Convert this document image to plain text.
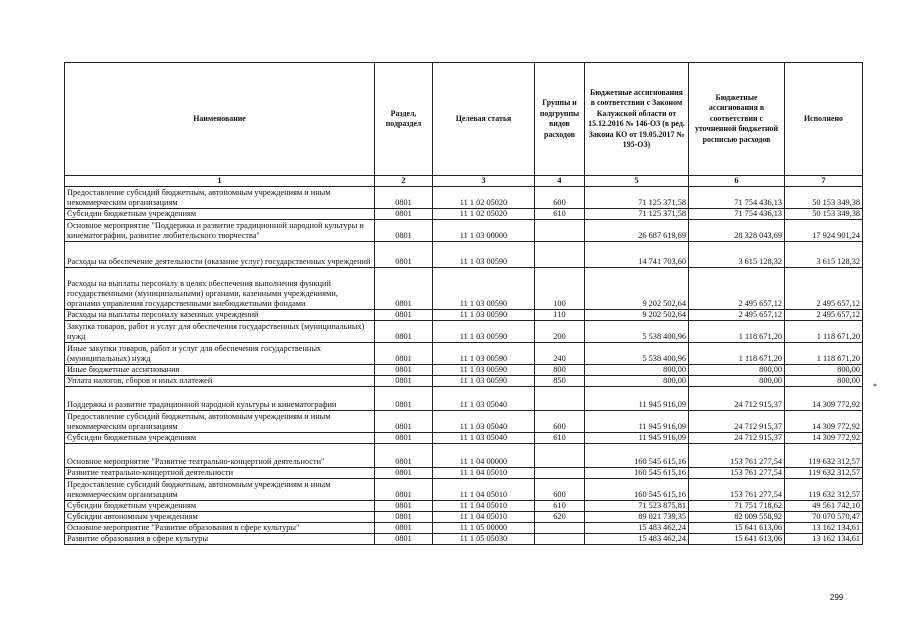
Наименование	Раздел, подраздел	Целевая статья	Группы и подгруппы видов расходов	Бюджетные ассигнования в соответствии с Законом Калужской области от 15.12.2016 № 146-ОЗ (в ред. Закона КО от 19.05.2017 № 195-ОЗ)	Бюджетные ассигнования в соответствии с уточненной бюджетной росписью расходов	Исполнено
1	2	3	4	5	6	7
Предоставление субсидий бюджетным, автономным учреждениям и иным некоммерческим организациям	0801	11 1 02 05020	600	71 125 371,58	71 754 436,13	50 153 349,38
Субсидии бюджетным учреждениям	0801	11 1 02 05020	610	71 125 371,58	71 754 436,13	50 153 349,38
Основное мероприятие "Поддержка и развитие традиционной народной культуры и кинематографии, развитие любительского творчества"	0801	11 1 03 00000		26 687 619,69	28 328 043,69	17 924 901,24
Расходы на обеспечение деятельности (оказание услуг) государственных учреждений	0801	11 1 03 00590		14 741 703,60	3 615 128,32	3 615 128,32
Расходы на выплаты персоналу в целях обеспечения выполнения функций государственными (муниципальными) органами, казенными учреждениями, органами управления государственными внебюджетными фондами	0801	11 1 03 00590	100	9 202 502,64	2 495 657,12	2 495 657,12
Расходы на выплаты персоналу казенных учреждений	0801	11 1 03 00590	110	9 202 502,64	2 495 657,12	2 495 657,12
Закупка товаров, работ и услуг для обеспечения государственных (муниципальных) нужд	0801	11 1 03 00590	200	5 538 400,96	1 118 671,20	1 118 671,20
Иные закупки товаров, работ и услуг для обеспечения государственных (муниципальных) нужд	0801	11 1 03 00590	240	5 538 400,96	1 118 671,20	1 118 671,20
Иные бюджетные ассигнования	0801	11 1 03 00590	800	800,00	800,00	800,00
Уплата налогов, сборов и иных платежей	0801	11 1 03 00590	850	800,00	800,00	800,00
Поддержка и развитие традиционной народной культуры и кинематографии	0801	11 1 03 05040		11 945 916,09	24 712 915,37	14 309 772,92
Предоставление субсидий бюджетным, автономным учреждениям и иным некоммерческим организациям	0801	11 1 03 05040	600	11 945 916,09	24 712 915,37	14 309 772,92
Субсидии бюджетным учреждениям	0801	11 1 03 05040	610	11 945 916,09	24 712 915,37	14 309 772,92
Основное мероприятие "Развитие театрально-концертной деятельности"	0801	11 1 04 00000		160 545 615,16	153 761 277,54	119 632 312,57
Развитие театрально-концертной деятельности	0801	11 1 04 05010		160 545 615,16	153 761 277,54	119 632 312,57
Предоставление субсидий бюджетным, автономным учреждениям и иным некоммерческим организациям	0801	11 1 04 05010	600	160 545 615,16	153 761 277,54	119 632 312,57
Субсидии бюджетным учреждениям	0801	11 1 04 05010	610	71 523 875,81	71 751 718,62	49 561 742,10
Субсидии автономным учреждениям	0801	11 1 04 05010	620	89 021 739,35	82 009 558,92	70 070 570,47
Основное мероприятие "Развитие образования в сфере культуры"	0801	11 1 05 00000		15 483 462,24	15 641 613,06	13 162 134,61
Развитие образования в сфере культуры	0801	11 1 05 05030		15 483 462,24	15 641 613,06	13 162 134,61
*
299
